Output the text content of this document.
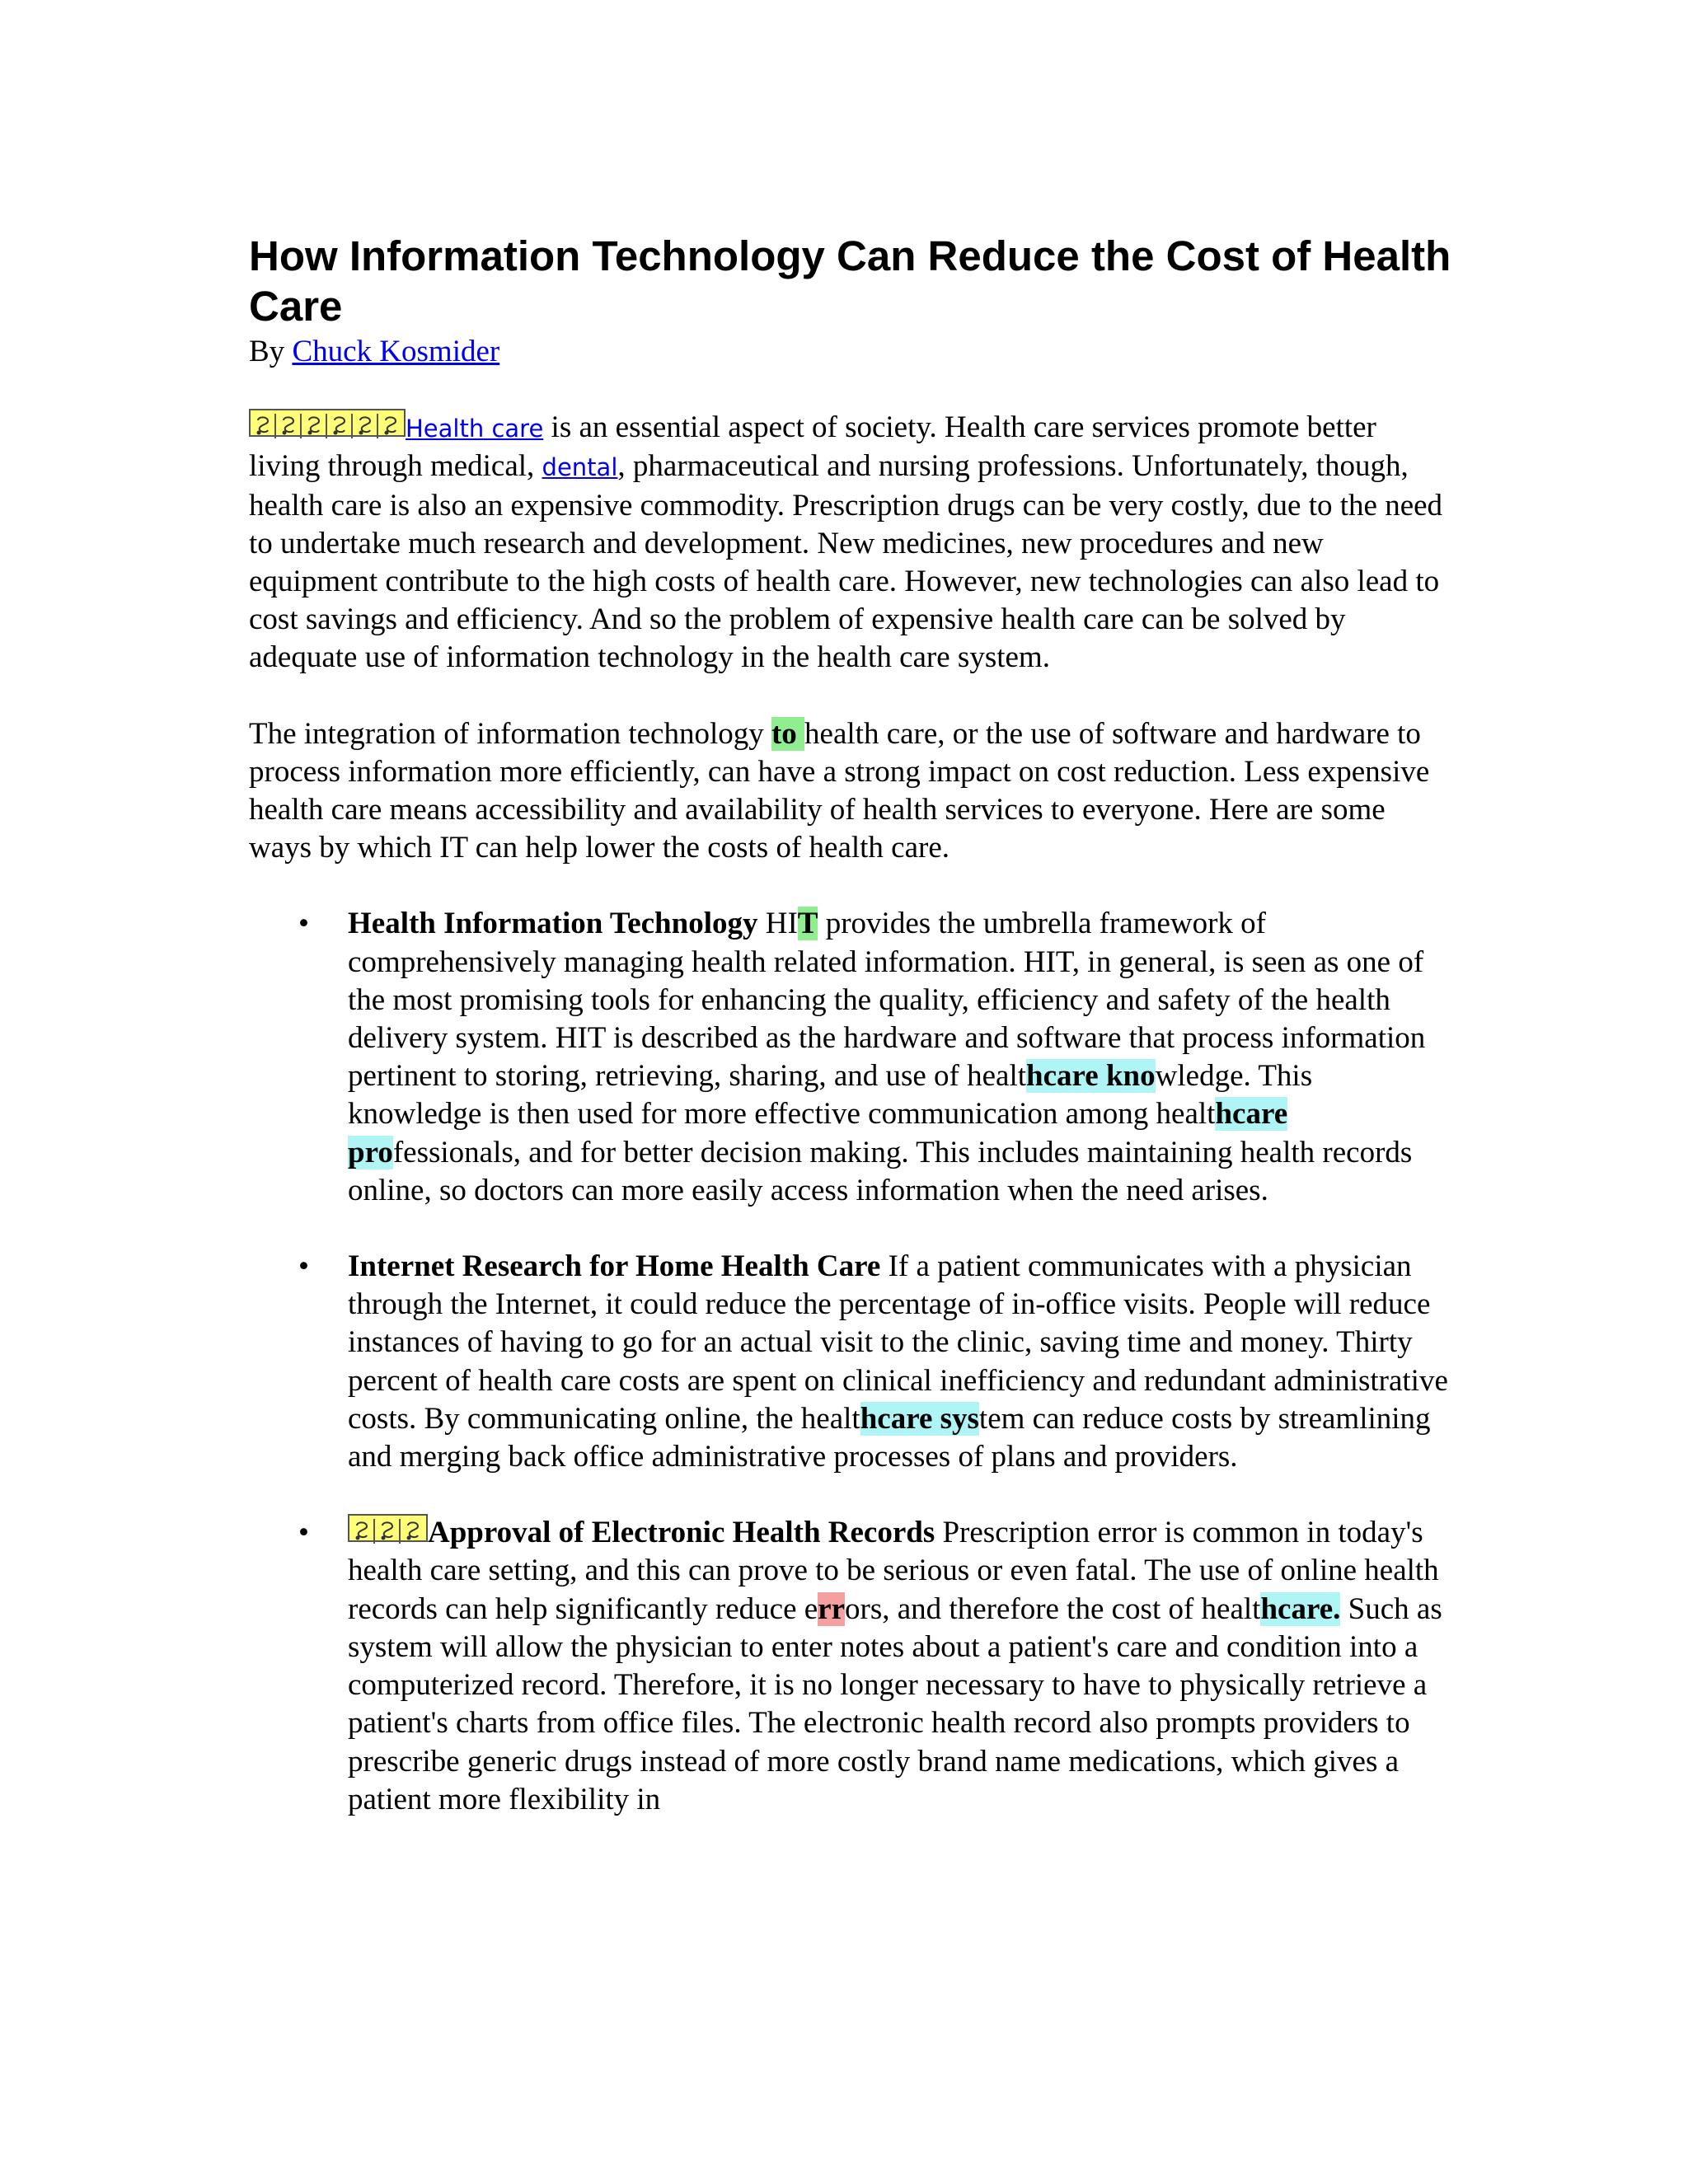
How Information Technology Can Reduce the Cost of Health Care
By Chuck Kosmider

Health care is an essential aspect of society. Health care services promote better living through medical, dental, pharmaceutical and nursing professions. Unfortunately, though, health care is also an expensive commodity. Prescription drugs can be very costly, due to the need to undertake much research and development. New medicines, new procedures and new equipment contribute to the high costs of health care. However, new technologies can also lead to cost savings and efficiency. And so the problem of expensive health care can be solved by adequate use of information technology in the health care system.

The integration of information technology to health care, or the use of software and hardware to process information more efficiently, can have a strong impact on cost reduction. Less expensive health care means accessibility and availability of health services to everyone. Here are some ways by which IT can help lower the costs of health care.

• Health Information Technology HIT provides the umbrella framework of comprehensively managing health related information. HIT, in general, is seen as one of the most promising tools for enhancing the quality, efficiency and safety of the health delivery system. HIT is described as the hardware and software that process information pertinent to storing, retrieving, sharing, and use of healthcare knowledge. This knowledge is then used for more effective communication among healthcare professionals, and for better decision making. This includes maintaining health records online, so doctors can more easily access information when the need arises.
• Internet Research for Home Health Care If a patient communicates with a physician through the Internet, it could reduce the percentage of in-office visits. People will reduce instances of having to go for an actual visit to the clinic, saving time and money. Thirty percent of health care costs are spent on clinical inefficiency and redundant administrative costs. By communicating online, the healthcare system can reduce costs by streamlining and merging back office administrative processes of plans and providers.
•	Approval of Electronic Health Records Prescription error is common in today's health care setting, and this can prove to be serious or even fatal. The use of online health records can help significantly reduce errors, and therefore the cost of healthcare. Such as system will allow the physician to enter notes about a patient's care and condition into a computerized record. Therefore, it is no longer necessary to have to physically retrieve a patient's charts from office files. The electronic health record also prompts providers to prescribe generic drugs instead of more costly brand name medications, which gives a patient more flexibility in
